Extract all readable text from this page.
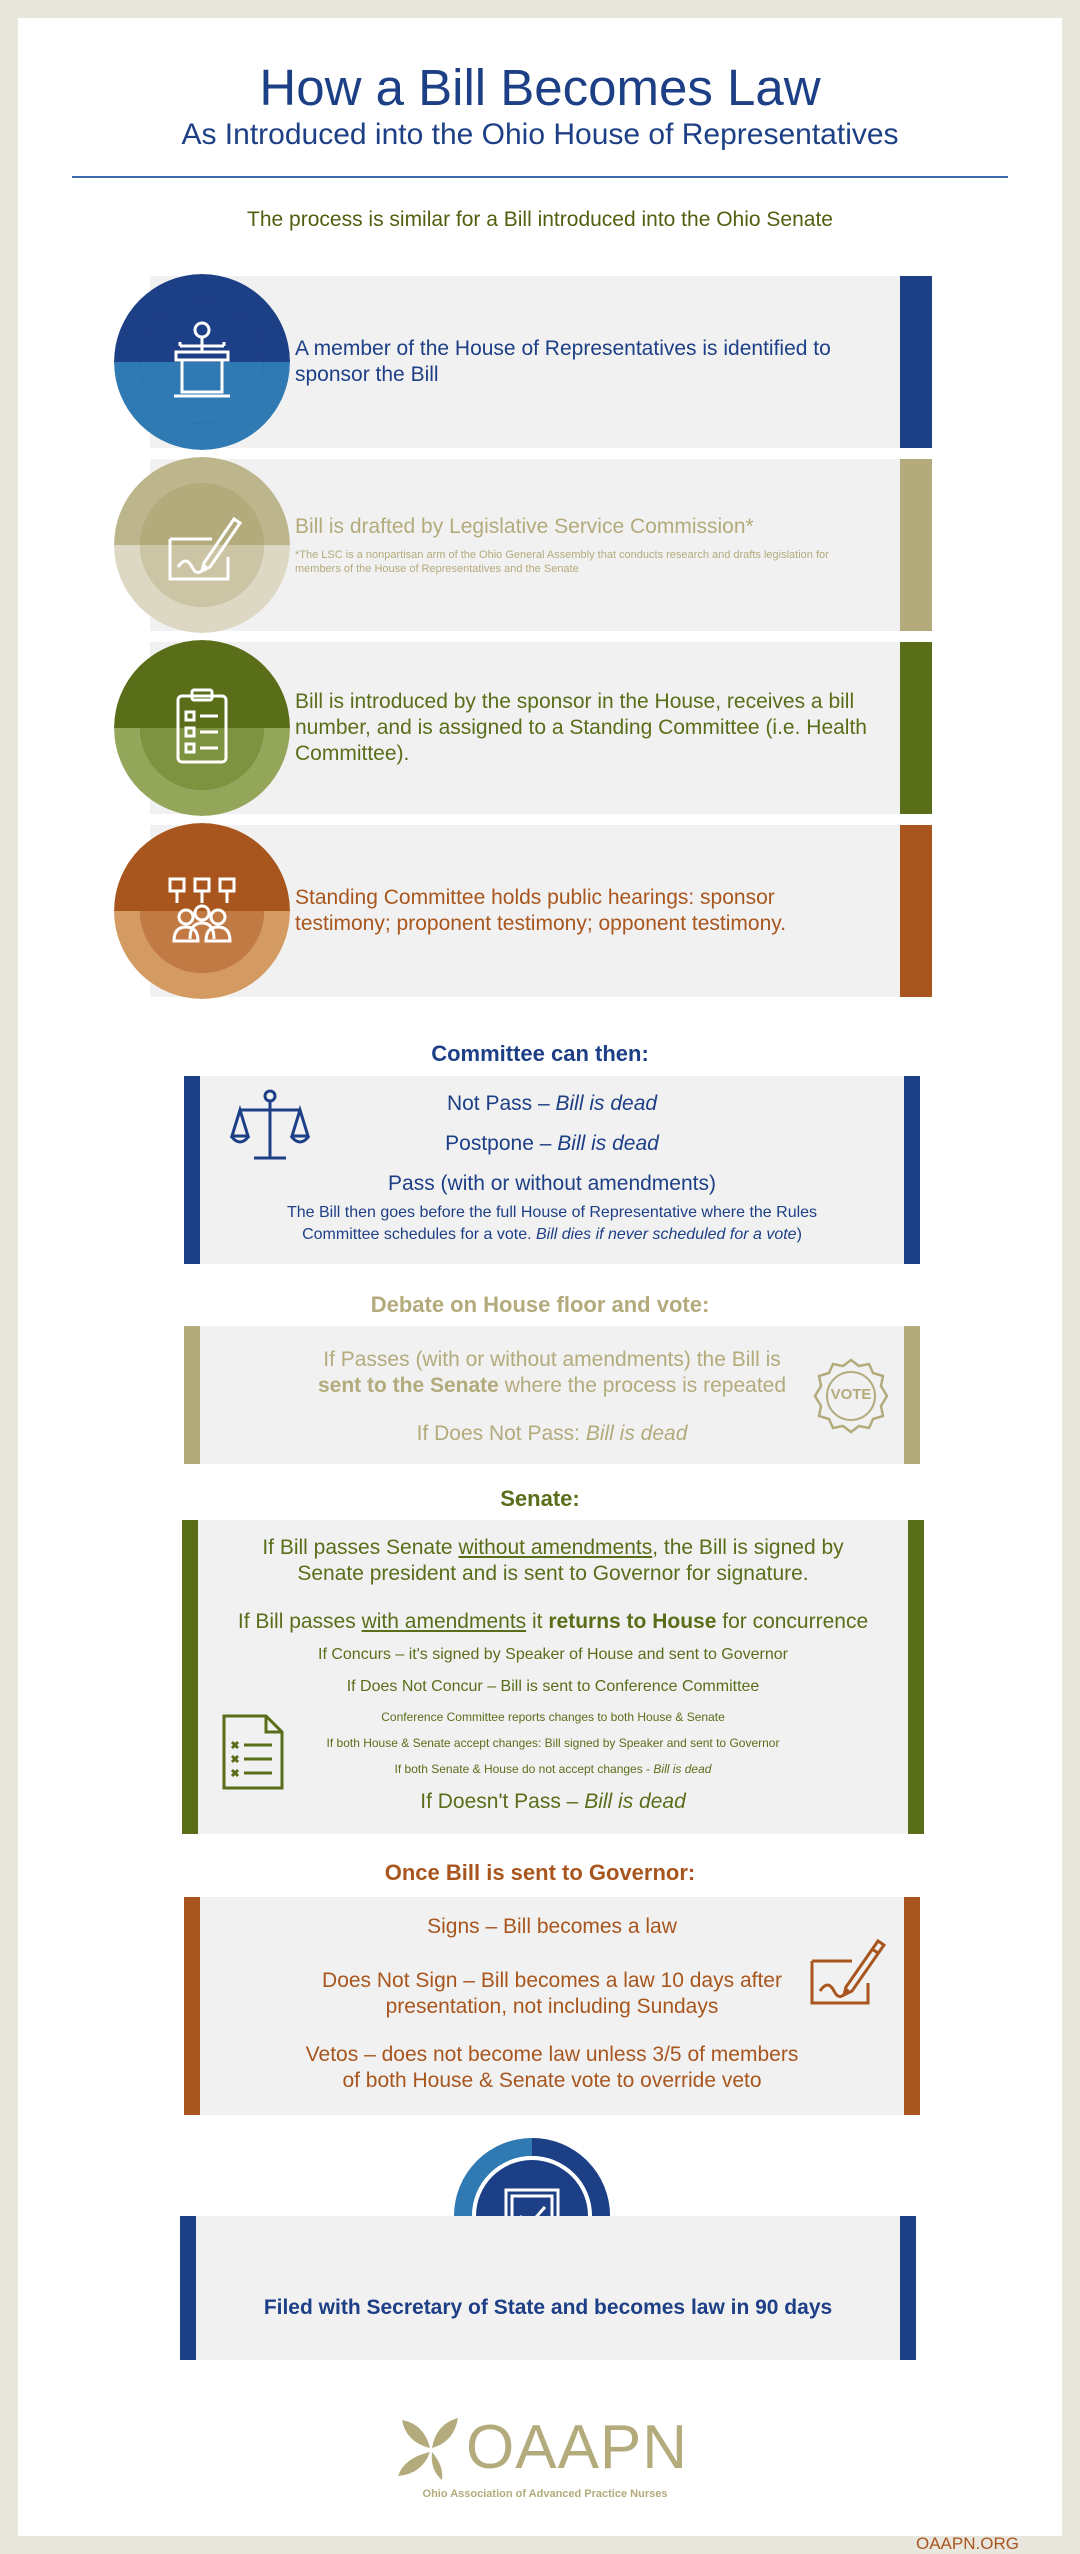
How a Bill Becomes Law
As Introduced into the Ohio House of Representatives
The process is similar for a Bill introduced into the Ohio Senate
A member of the House of Representatives is identified to sponsor the Bill
Bill is drafted by Legislative Service Commission*
*The LSC is a nonpartisan arm of the Ohio General Assembly that conducts research and drafts legislation for members of the House of Representatives and the Senate
Bill is introduced by the sponsor in the House, receives a bill number, and is assigned to a Standing Committee (i.e. Health Committee).
Standing Committee holds public hearings: sponsor testimony; proponent testimony; opponent testimony.
Committee can then:
Not Pass – Bill is dead
Postpone – Bill is dead
Pass (with or without amendments)
The Bill then goes before the full House of Representative where the Rules
Committee schedules for a vote. Bill dies if never scheduled for a vote)
Debate on House floor and vote:
If Passes (with or without amendments) the Bill is
sent to the Senate where the process is repeated
If Does Not Pass: Bill is dead
VOTE
Senate:
If Bill passes Senate without amendments, the Bill is signed by
Senate president and is sent to Governor for signature.
If Bill passes with amendments it returns to House for concurrence
If Concurs – it's signed by Speaker of House and sent to Governor
If Does Not Concur – Bill is sent to Conference Committee
Conference Committee reports changes to both House & Senate
If both House & Senate accept changes: Bill signed by Speaker and sent to Governor
If both Senate & House do not accept changes - Bill is dead
If Doesn't Pass – Bill is dead
Once Bill is sent to Governor:
Signs – Bill becomes a law
Does Not Sign – Bill becomes a law 10 days after
presentation, not including Sundays
Vetos – does not become law unless 3/5 of members
of both House & Senate vote to override veto
Filed with Secretary of State and becomes law in 90 days
OAAPN
Ohio Association of Advanced Practice Nurses
OAAPN.ORG
